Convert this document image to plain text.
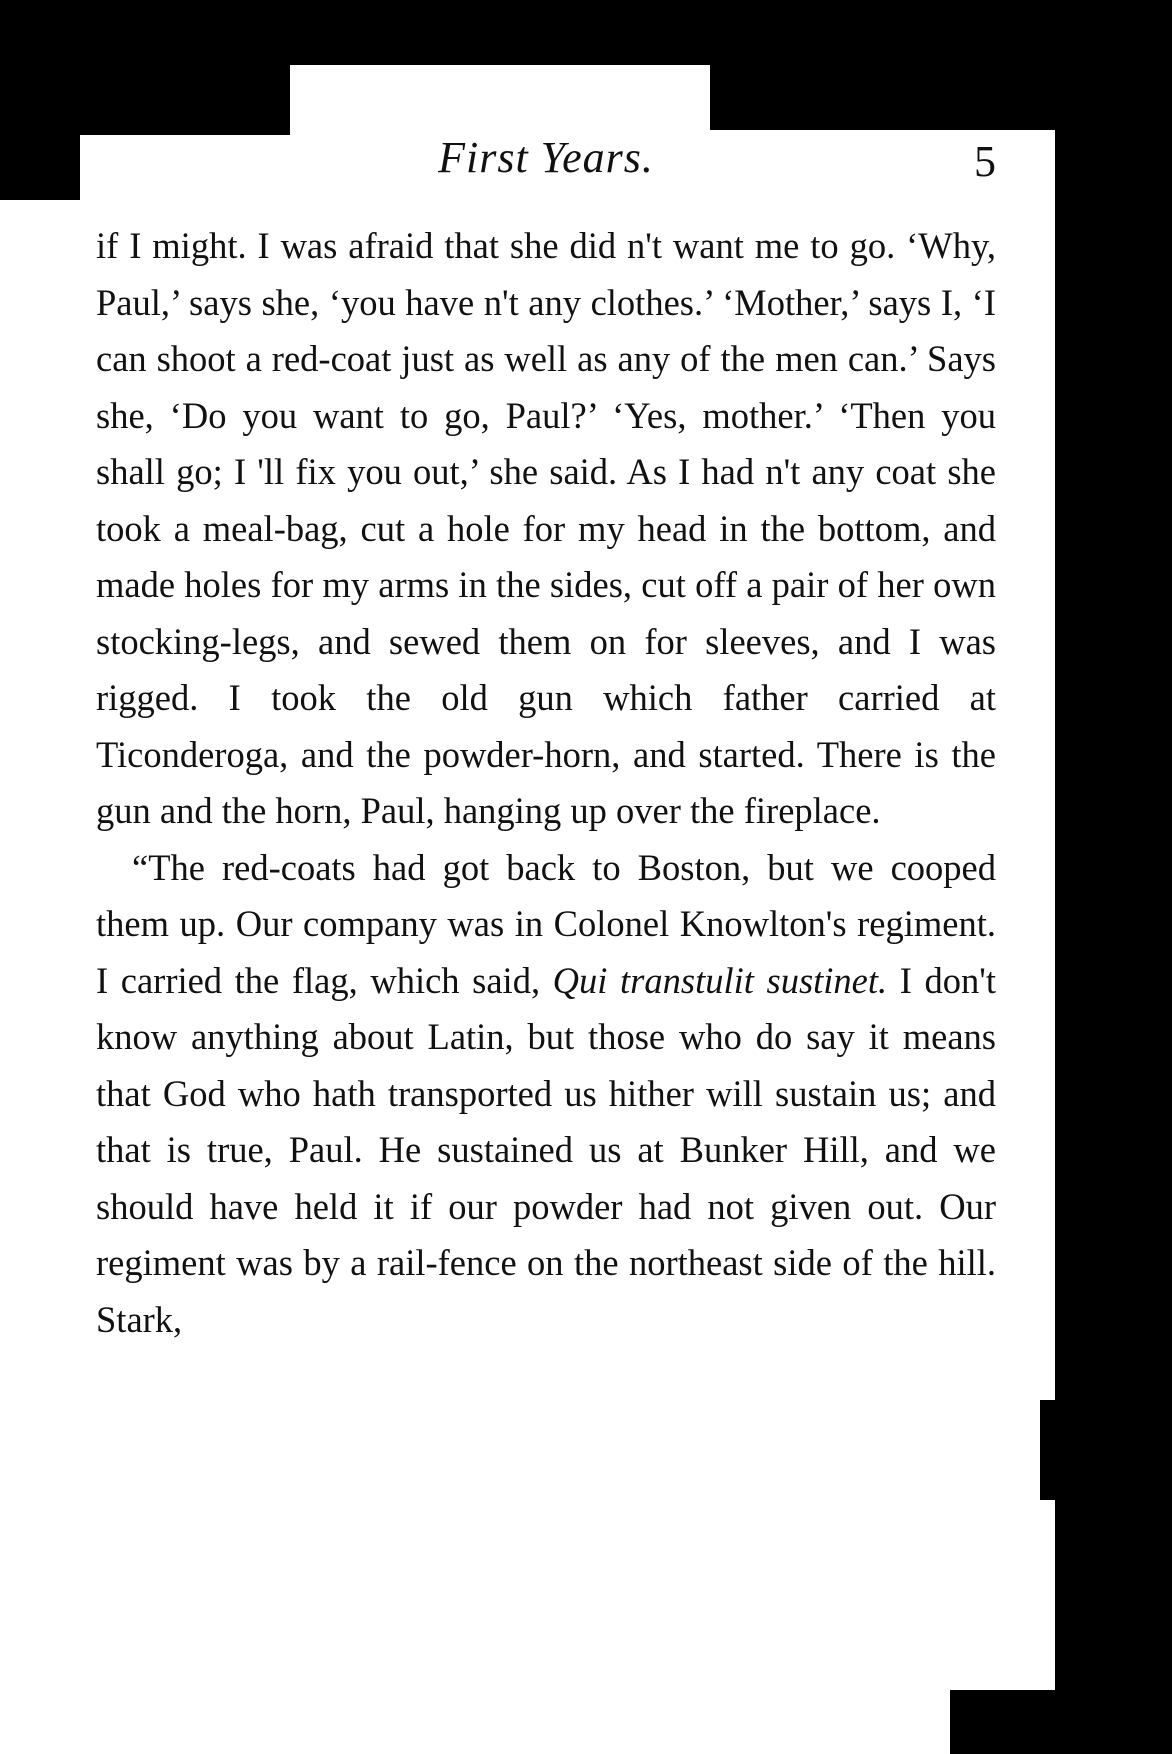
First Years.	5

if I might. I was afraid that she did n't want me to go. ‘Why, Paul,’ says she, ‘you have n't any clothes.’ ‘Mother,’ says I, ‘I can shoot a red-coat just as well as any of the men can.’ Says she, ‘Do you want to go, Paul?’ ‘Yes, mother.’ ‘Then you shall go; I 'll fix you out,’ she said. As I had n't any coat she took a meal-bag, cut a hole for my head in the bottom, and made holes for my arms in the sides, cut off a pair of her own stocking-legs, and sewed them on for sleeves, and I was rigged. I took the old gun which father carried at Ticonderoga, and the powder-horn, and started. There is the gun and the horn, Paul, hanging up over the fireplace.

“The red-coats had got back to Boston, but we cooped them up. Our company was in Colonel Knowlton's regiment. I carried the flag, which said, Qui transtulit sustinet. I don't know anything about Latin, but those who do say it means that God who hath transported us hither will sustain us; and that is true, Paul. He sustained us at Bunker Hill, and we should have held it if our powder had not given out. Our regiment was by a rail-fence on the northeast side of the hill. Stark,
